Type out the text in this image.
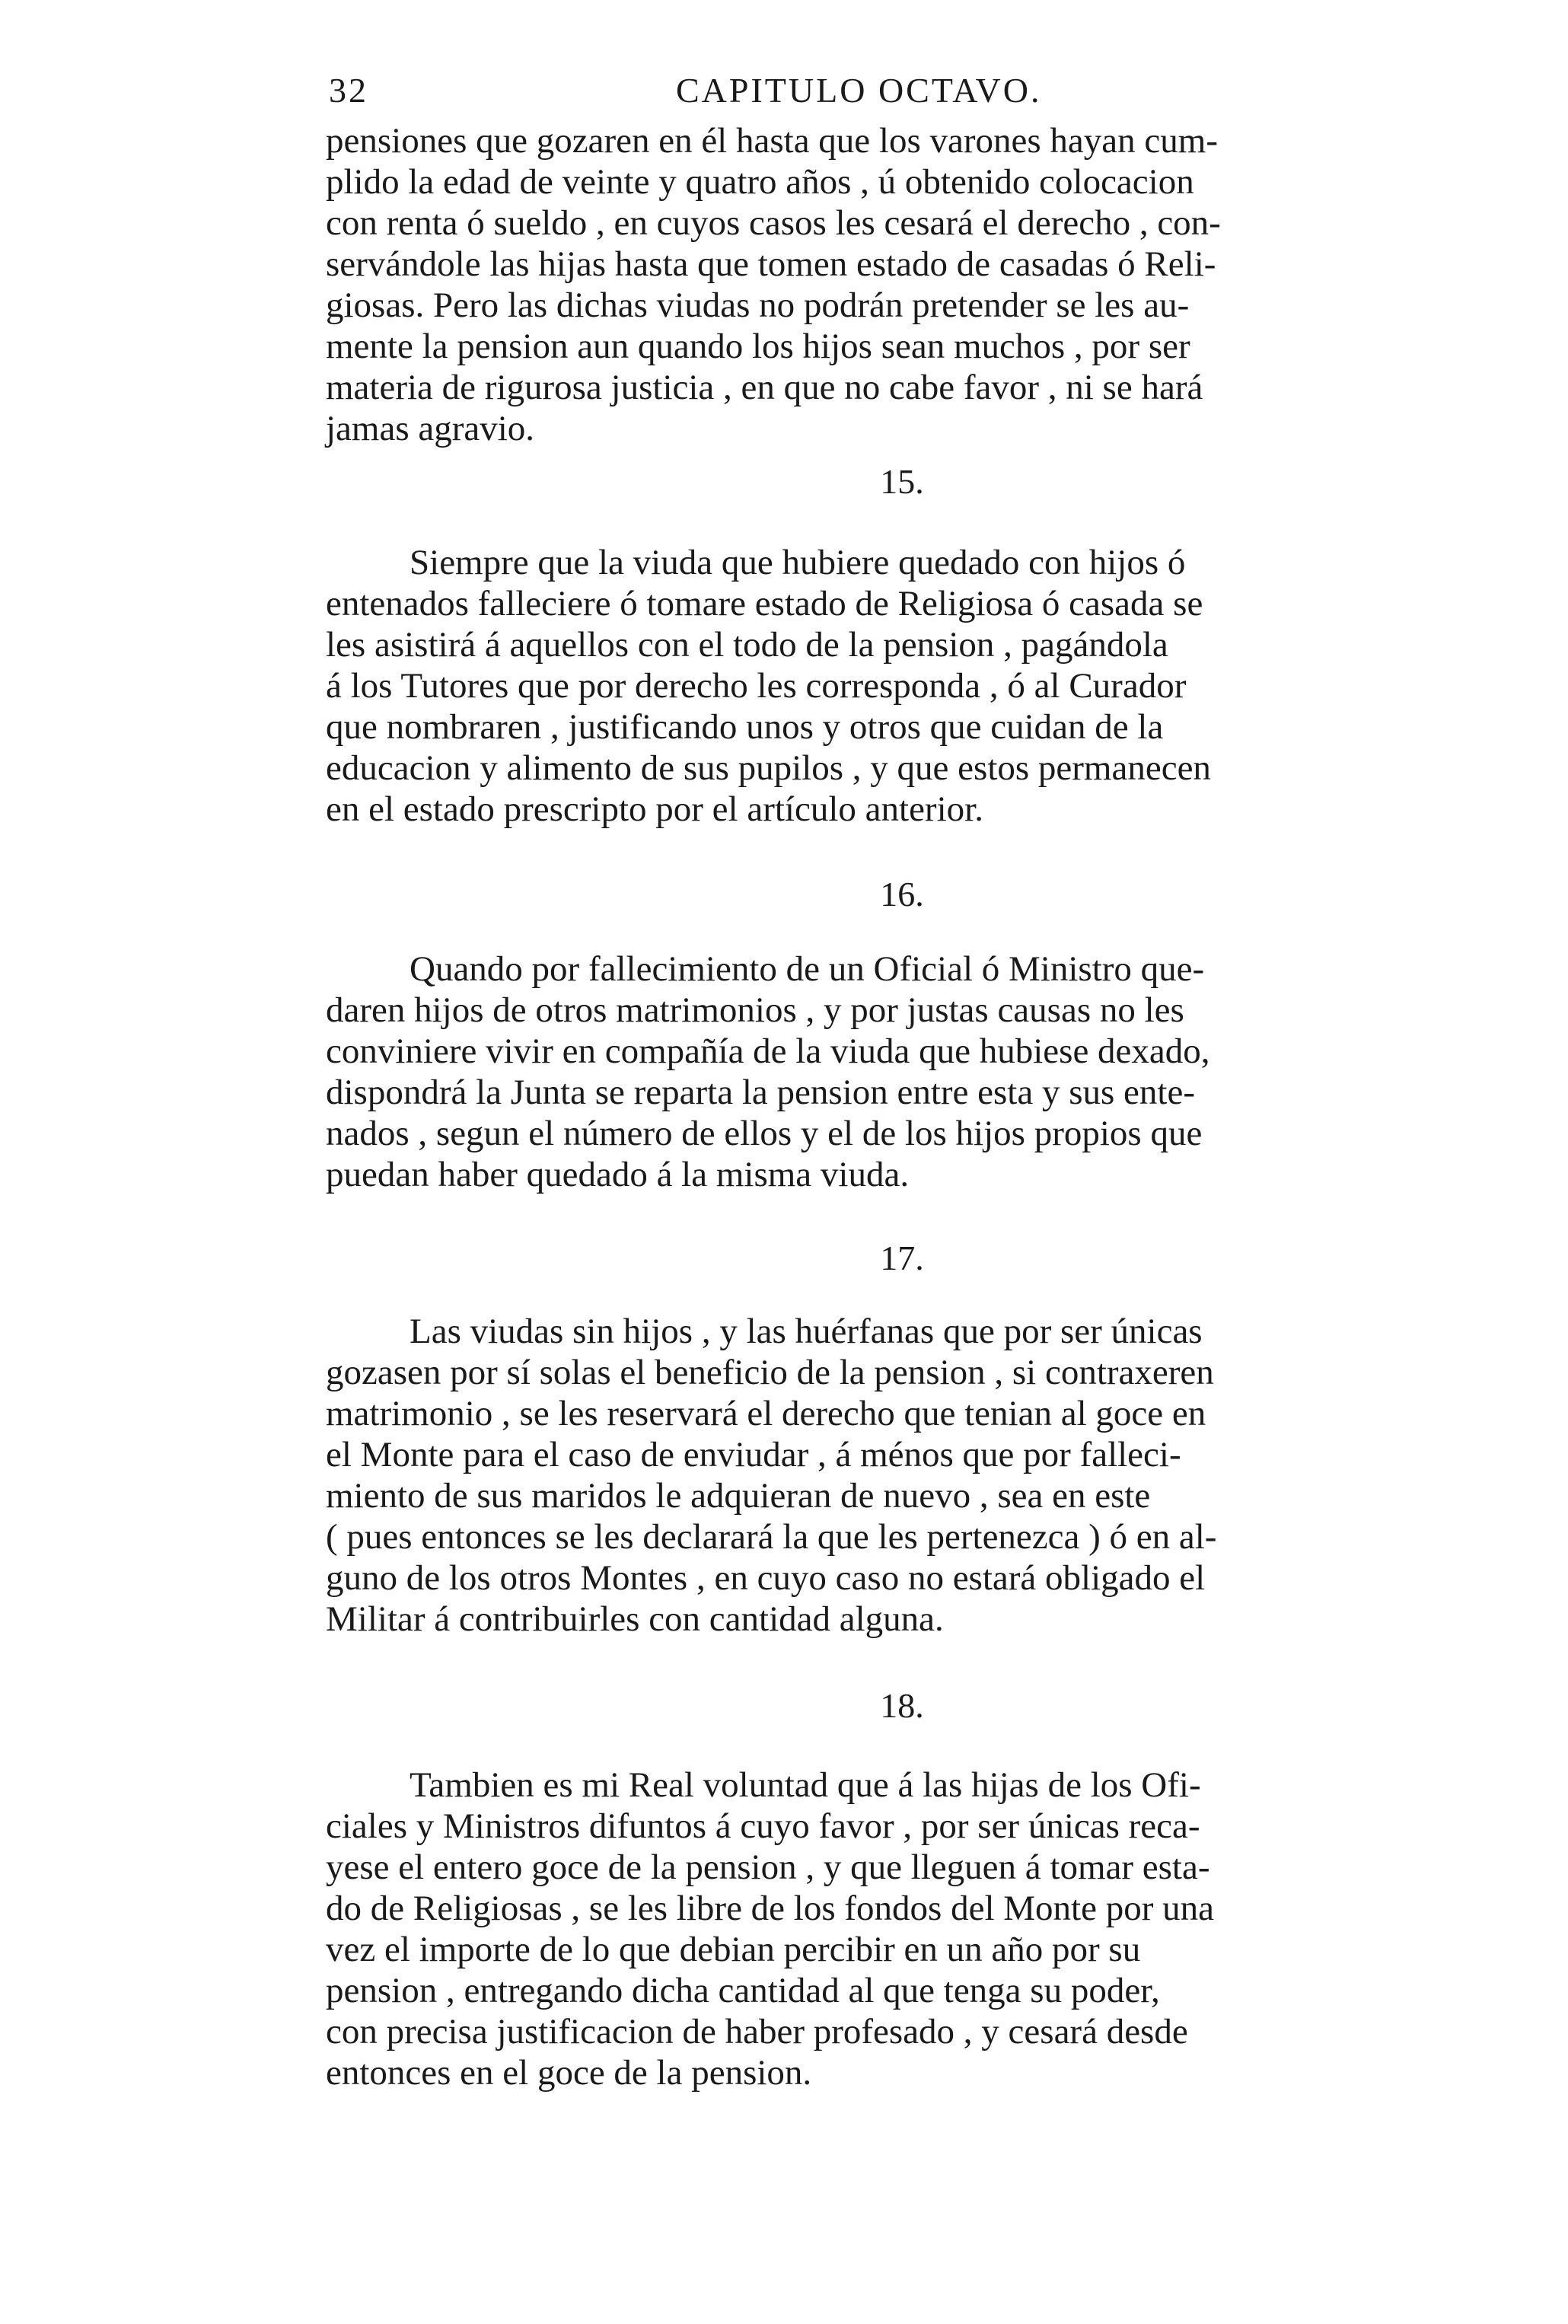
32	CAPITULO OCTAVO.
pensiones que gozaren en él hasta que los varones hayan cum-
plido la edad de veinte y quatro años , ú obtenido colocacion
con renta ó sueldo , en cuyos casos les cesará el derecho , con-
servándole las hijas hasta que tomen estado de casadas ó Reli-
giosas. Pero las dichas viudas no podrán pretender se les au-
mente la pension aun quando los hijos sean muchos , por ser
materia de rigurosa justicia , en que no cabe favor , ni se hará
jamas agravio.
15.
Siempre que la viuda que hubiere quedado con hijos ó
entenados falleciere ó tomare estado de Religiosa ó casada se
les asistirá á aquellos con el todo de la pension , pagándola
á los Tutores que por derecho les corresponda , ó al Curador
que nombraren , justificando unos y otros que cuidan de la
educacion y alimento de sus pupilos , y que estos permanecen
en el estado prescripto por el artículo anterior.
16.
Quando por fallecimiento de un Oficial ó Ministro que-
daren hijos de otros matrimonios , y por justas causas no les
conviniere vivir en compañía de la viuda que hubiese dexado,
dispondrá la Junta se reparta la pension entre esta y sus ente-
nados , segun el número de ellos y el de los hijos propios que
puedan haber quedado á la misma viuda.
17.
Las viudas sin hijos , y las huérfanas que por ser únicas
gozasen por sí solas el beneficio de la pension , si contraxeren
matrimonio , se les reservará el derecho que tenian al goce en
el Monte para el caso de enviudar , á ménos que por falleci-
miento de sus maridos le adquieran de nuevo , sea en este
( pues entonces se les declarará la que les pertenezca ) ó en al-
guno de los otros Montes , en cuyo caso no estará obligado el
Militar á contribuirles con cantidad alguna.
18.
Tambien es mi Real voluntad que á las hijas de los Ofi-
ciales y Ministros difuntos á cuyo favor , por ser únicas reca-
yese el entero goce de la pension , y que lleguen á tomar esta-
do de Religiosas , se les libre de los fondos del Monte por una
vez el importe de lo que debian percibir en un año por su
pension , entregando dicha cantidad al que tenga su poder,
con precisa justificacion de haber profesado , y cesará desde
entonces en el goce de la pension.
